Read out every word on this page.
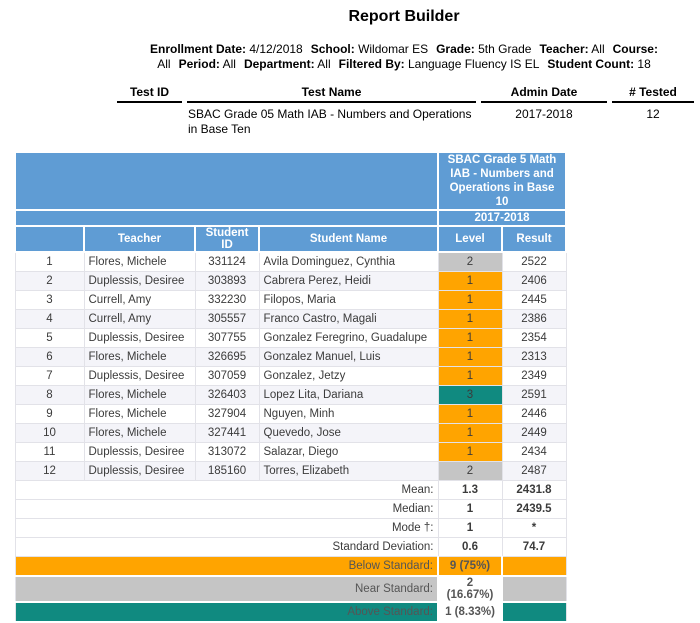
Report Builder
Enrollment Date: 4/12/2018 School: Wildomar ES Grade: 5th Grade Teacher: All Course:
All Period: All Department: All Filtered By: Language Fluency IS EL Student Count: 18
Test ID	Test Name	Admin Date	# Tested
	SBAC Grade 05 Math IAB - Numbers and Operations in Base Ten	2017-2018	12
				SBAC Grade 5 Math IAB - Numbers and Operations in Base 10	
				2017-2018	
	Teacher	Student ID	Student Name	Level	Result
1	Flores, Michele	331124	Avila Dominguez, Cynthia	2	2522
2	Duplessis, Desiree	303893	Cabrera Perez, Heidi	1	2406
3	Currell, Amy	332230	Filopos, Maria	1	2445
4	Currell, Amy	305557	Franco Castro, Magali	1	2386
5	Duplessis, Desiree	307755	Gonzalez Feregrino, Guadalupe	1	2354
6	Flores, Michele	326695	Gonzalez Manuel, Luis	1	2313
7	Duplessis, Desiree	307059	Gonzalez, Jetzy	1	2349
8	Flores, Michele	326403	Lopez Lita, Dariana	3	2591
9	Flores, Michele	327904	Nguyen, Minh	1	2446
10	Flores, Michele	327441	Quevedo, Jose	1	2449
11	Duplessis, Desiree	313072	Salazar, Diego	1	2434
12	Duplessis, Desiree	185160	Torres, Elizabeth	2	2487
Mean:				1.3	2431.8
Median:				1	2439.5
Mode †:				1	*
Standard Deviation:				0.6	74.7
Below Standard:				9 (75%)	
Near Standard:				2 (16.67%)	
Above Standard:				1 (8.33%)	
